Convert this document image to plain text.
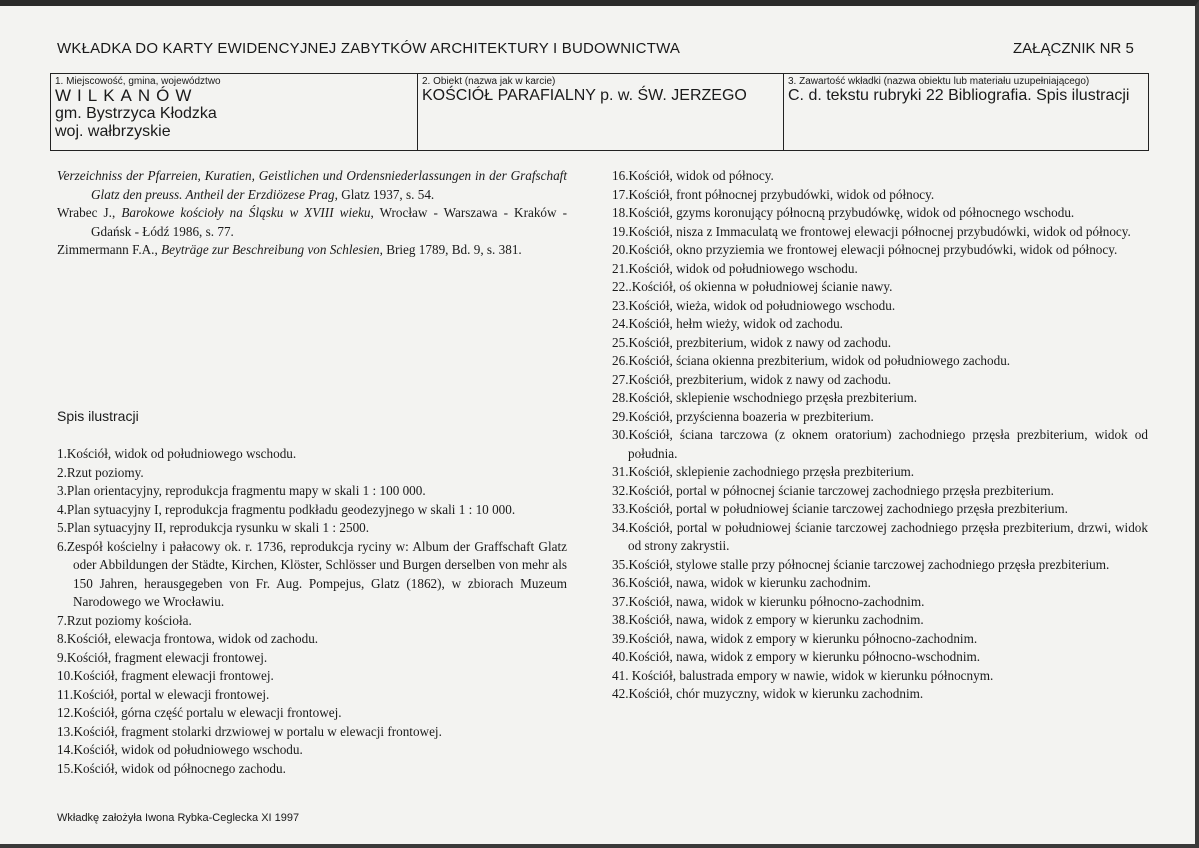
WKŁADKA DO KARTY EWIDENCYJNEJ ZABYTKÓW ARCHITEKTURY I BUDOWNICTWA	ZAŁĄCZNIK NR 5
1. Miejscowość, gmina, województwo
WILKANÓW
gm. Bystrzyca Kłodzka
woj. wałbrzyskie
2. Obiekt (nazwa jak w karcie)
KOŚCIÓŁ PARAFIALNY p. w. ŚW. JERZEGO
3. Zawartość wkładki (nazwa obiektu lub materiału uzupełniającego)
C. d. tekstu rubryki 22 Bibliografia. Spis ilustracji
Verzeichniss der Pfarreien, Kuratien, Geistlichen und Ordensniederlassungen in der Grafschaft Glatz den preuss. Antheil der Erzdiözese Prag, Glatz 1937, s. 54.
Wrabec J., Barokowe kościoły na Śląsku w XVIII wieku, Wrocław - Warszawa - Kraków - Gdańsk - Łódź 1986, s. 77.
Zimmermann F.A., Beyträge zur Beschreibung von Schlesien, Brieg 1789, Bd. 9, s. 381.
Spis ilustracji
1.Kościół, widok od południowego wschodu.
2.Rzut poziomy.
3.Plan orientacyjny, reprodukcja fragmentu mapy w skali 1 : 100 000.
4.Plan sytuacyjny I, reprodukcja fragmentu podkładu geodezyjnego w skali 1 : 10 000.
5.Plan sytuacyjny II, reprodukcja rysunku w skali 1 : 2500.
6.Zespół kościelny i pałacowy ok. r. 1736, reprodukcja ryciny w: Album der Graffschaft Glatz oder Abbildungen der Städte, Kirchen, Klöster, Schlösser und Burgen derselben von mehr als 150 Jahren, herausgegeben von Fr. Aug. Pompejus, Glatz (1862), w zbiorach Muzeum Narodowego we Wrocławiu.
7.Rzut poziomy kościoła.
8.Kościół, elewacja frontowa, widok od zachodu.
9.Kościół, fragment elewacji frontowej.
10.Kościół, fragment elewacji frontowej.
11.Kościół, portal w elewacji frontowej.
12.Kościół, górna część portalu w elewacji frontowej.
13.Kościół, fragment stolarki drzwiowej w portalu w elewacji frontowej.
14.Kościół, widok od południowego wschodu.
15.Kościół, widok od północnego zachodu.
16.Kościół, widok od północy.
17.Kościół, front północnej przybudówki, widok od północy.
18.Kościół, gzyms koronujący północną przybudówkę, widok od północnego wschodu.
19.Kościół, nisza z Immaculatą we frontowej elewacji północnej przybudówki, widok od północy.
20.Kościół, okno przyziemia we frontowej elewacji północnej przybudówki, widok od północy.
21.Kościół, widok od południowego wschodu.
22..Kościół, oś okienna w południowej ścianie nawy.
23.Kościół, wieża, widok od południowego wschodu.
24.Kościół, hełm wieży, widok od zachodu.
25.Kościół, prezbiterium, widok z nawy od zachodu.
26.Kościół, ściana okienna prezbiterium, widok od południowego zachodu.
27.Kościół, prezbiterium, widok z nawy od zachodu.
28.Kościół, sklepienie wschodniego przęsła prezbiterium.
29.Kościół, przyścienna boazeria w prezbiterium.
30.Kościół, ściana tarczowa (z oknem oratorium) zachodniego przęsła prezbiterium, widok od południa.
31.Kościół, sklepienie zachodniego przęsła prezbiterium.
32.Kościół, portal w północnej ścianie tarczowej zachodniego przęsła prezbiterium.
33.Kościół, portal w południowej ścianie tarczowej zachodniego przęsła prezbiterium.
34.Kościół, portal w południowej ścianie tarczowej zachodniego przęsła prezbiterium, drzwi, widok od strony zakrystii.
35.Kościół, stylowe stalle przy północnej ścianie tarczowej zachodniego przęsła prezbiterium.
36.Kościół, nawa, widok w kierunku zachodnim.
37.Kościół, nawa, widok w kierunku północno-zachodnim.
38.Kościół, nawa, widok z empory w kierunku zachodnim.
39.Kościół, nawa, widok z empory w kierunku północno-zachodnim.
40.Kościół, nawa, widok z empory w kierunku północno-wschodnim.
41. Kościół, balustrada empory w nawie, widok w kierunku północnym.
42.Kościół, chór muzyczny, widok w kierunku zachodnim.
Wkładkę założyła Iwona Rybka-Ceglecka XI 1997
